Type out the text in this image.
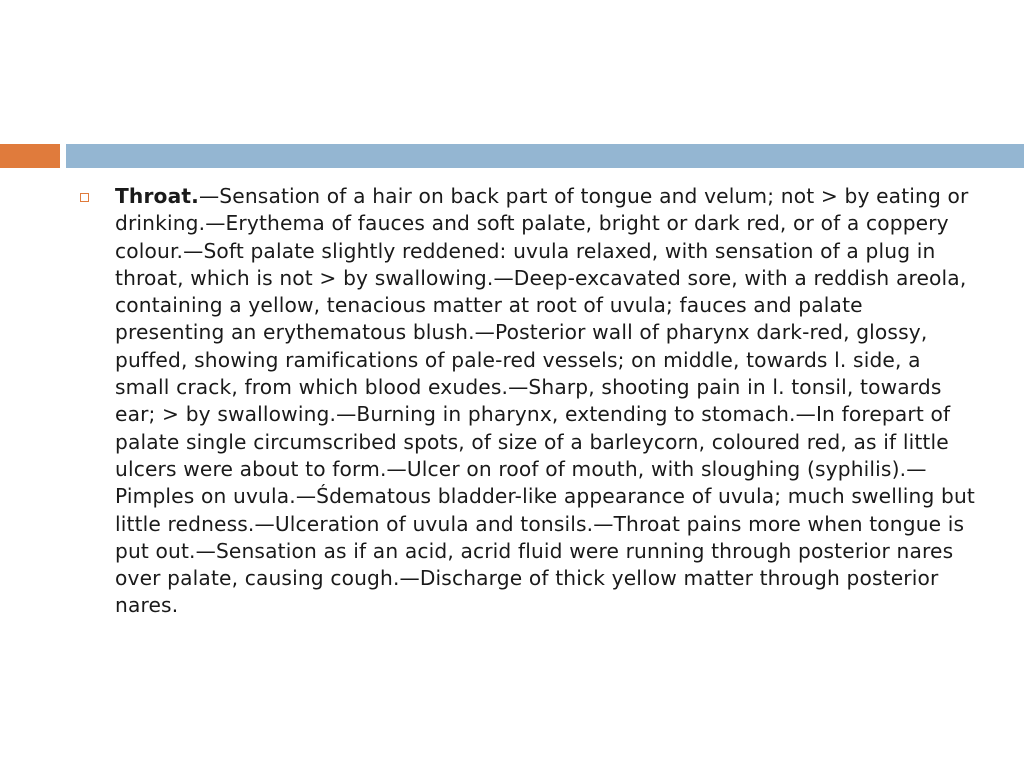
Throat.—Sensation of a hair on back part of tongue and velum; not > by eating or drinking.—Erythema of fauces and soft palate, bright or dark red, or of a coppery colour.—Soft palate slightly reddened: uvula relaxed, with sensation of a plug in throat, which is not > by swallowing.—Deep-excavated sore, with a reddish areola, containing a yellow, tenacious matter at root of uvula; fauces and palate presenting an erythematous blush.—Posterior wall of pharynx dark-red, glossy, puffed, showing ramifications of pale-red vessels; on middle, towards l. side, a small crack, from which blood exudes.—Sharp, shooting pain in l. tonsil, towards ear; > by swallowing.—Burning in pharynx, extending to stomach.—In forepart of palate single circumscribed spots, of size of a barleycorn, coloured red, as if little ulcers were about to form.—Ulcer on roof of mouth, with sloughing (syphilis).—Pimples on uvula.—Śdematous bladder-like appearance of uvula; much swelling but little redness.—Ulceration of uvula and tonsils.—Throat pains more when tongue is put out.—Sensation as if an acid, acrid fluid were running through posterior nares over palate, causing cough.—Discharge of thick yellow matter through posterior nares.
